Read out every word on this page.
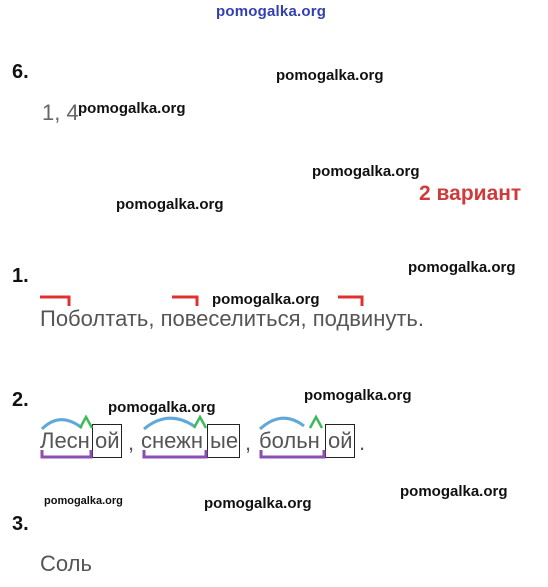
pomogalka.org
6.	pomogalka.org
1, 4 pomogalka.org
pomogalka.org
2 вариант
pomogalka.org
1.	pomogalka.org
pomogalka.org
Поболтать, повеселиться, подвинуть.
2.	pomogalka.org
pomogalka.org
Лесн ой , снежн ые , больн ой .
pomogalka.org
pomogalka.org	pomogalka.org
3.
Соль
